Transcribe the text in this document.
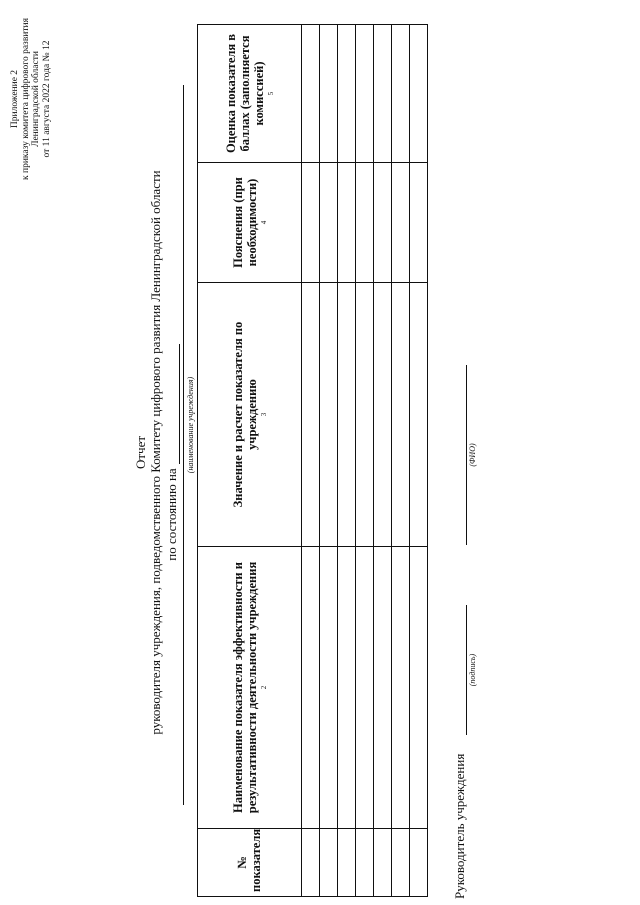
Приложение 2 к приказу комитета цифрового развития Ленинградской области от 11 августа 2022 года № 12
Отчет руководителя учреждения, подведомственного Комитету цифрового развития Ленинградской области по состоянию на
(наименование учреждения)
№ показателя	Наименование показателя эффективности и результативности деятельности учреждения 2	Значение и расчет показателя по учреждению 3	Пояснения (при необходимости) 4	Оценка показателя в баллах (заполняется комиссией) 5

Руководитель учреждения
(подпись)
(ФИО)
